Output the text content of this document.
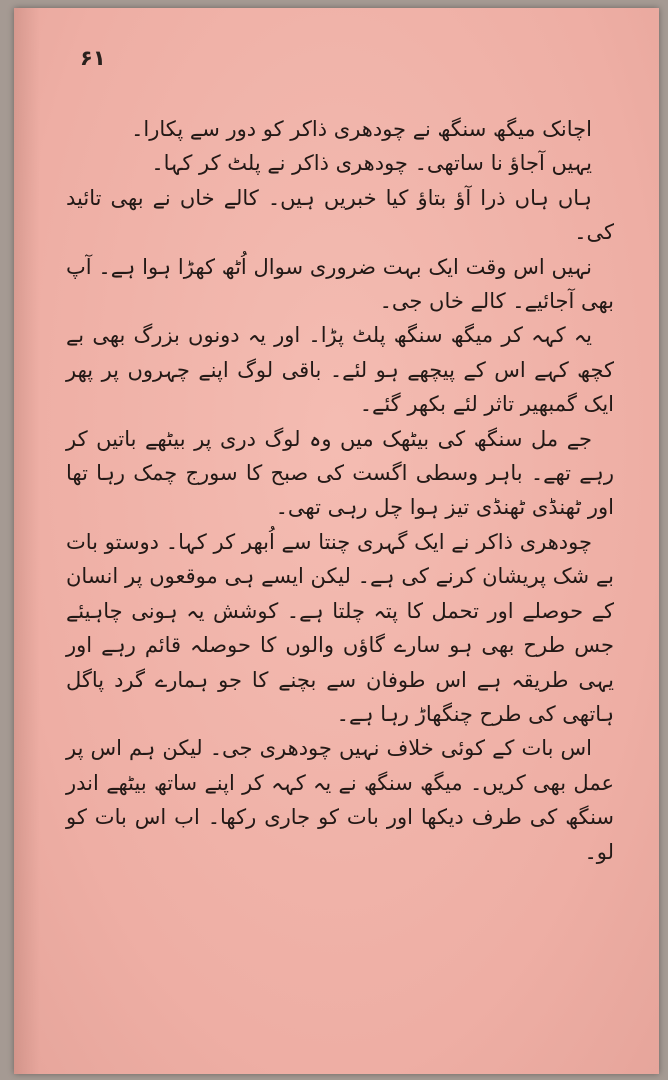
۶۱

اچانک میگھ سنگھ نے چودھری ذاکر کو دور سے پکارا۔

یہیں آجاؤ نا ساتھی۔ چودھری ذاکر نے پلٹ کر کہا۔

ہاں ہاں ذرا آؤ بتاؤ کیا خبریں ہیں۔ کالے خاں نے بھی تائید کی۔

نہیں اس وقت ایک بہت ضروری سوال اُٹھ کھڑا ہوا ہے۔ آپ بھی آجائیے۔ کالے خاں جی۔

یہ کہہ کر میگھ سنگھ پلٹ پڑا۔ اور یہ دونوں بزرگ بھی بے کچھ کہے اس کے پیچھے ہو لئے۔ باقی لوگ اپنے چہروں پر پھر ایک گمبھیر تاثر لئے بکھر گئے۔

جے مل سنگھ کی بیٹھک میں وہ لوگ دری پر بیٹھے باتیں کر رہے تھے۔ باہر وسطی اگست کی صبح کا سورج چمک رہا تھا اور ٹھنڈی ٹھنڈی تیز ہوا چل رہی تھی۔

چودھری ذاکر نے ایک گہری چنتا سے اُبھر کر کہا۔ دوستو بات بے شک پریشان کرنے کی ہے۔ لیکن ایسے ہی موقعوں پر انسان کے حوصلے اور تحمل کا پتہ چلتا ہے۔ کوشش یہ ہونی چاہیئے جس طرح بھی ہو سارے گاؤں والوں کا حوصلہ قائم رہے اور یہی طریقہ ہے اس طوفان سے بچنے کا جو ہمارے گرد پاگل ہاتھی کی طرح چنگھاڑ رہا ہے۔

اس بات کے کوئی خلاف نہیں چودھری جی۔ لیکن ہم اس پر عمل بھی کریں۔ میگھ سنگھ نے یہ کہہ کر اپنے ساتھ بیٹھے اندر سنگھ کی طرف دیکھا اور بات کو جاری رکھا۔ اب اس بات کو لو۔
